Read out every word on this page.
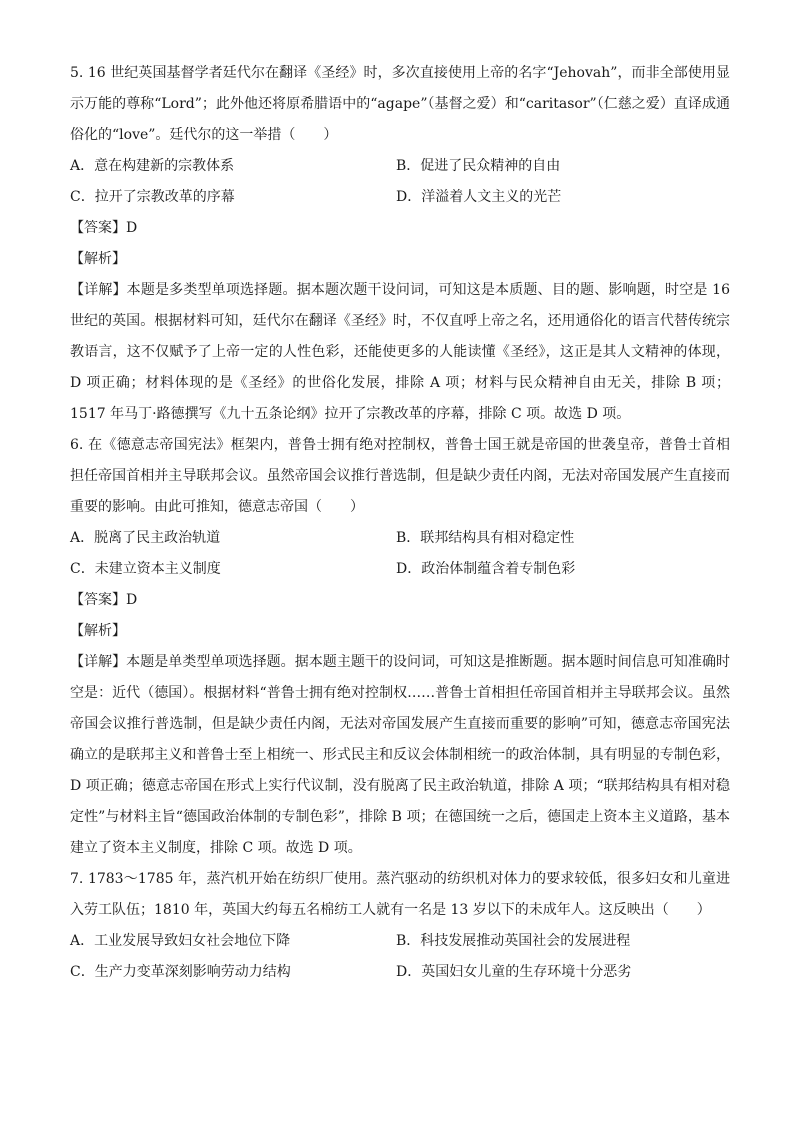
5. 16 世纪英国基督学者廷代尔在翻译《圣经》时，多次直接使用上帝的名字“Jehovah”，而非全部使用显示万能的尊称“Lord”；此外他还将原希腊语中的“agape”（基督之爱）和“caritasor”（仁慈之爱）直译成通俗化的“love”。廷代尔的这一举措（　　）

A．意在构建新的宗教体系	B．促进了民众精神的自由
C．拉开了宗教改革的序幕	D．洋溢着人文主义的光芒

【答案】D

【解析】

【详解】本题是多类型单项选择题。据本题次题干设问词，可知这是本质题、目的题、影响题，时空是 16 世纪的英国。根据材料可知，廷代尔在翻译《圣经》时，不仅直呼上帝之名，还用通俗化的语言代替传统宗教语言，这不仅赋予了上帝一定的人性色彩，还能使更多的人能读懂《圣经》，这正是其人文精神的体现，D 项正确；材料体现的是《圣经》的世俗化发展，排除 A 项；材料与民众精神自由无关，排除 B 项；1517 年马丁·路德撰写《九十五条论纲》拉开了宗教改革的序幕，排除 C 项。故选 D 项。

6. 在《德意志帝国宪法》框架内，普鲁士拥有绝对控制权，普鲁士国王就是帝国的世袭皇帝，普鲁士首相担任帝国首相并主导联邦会议。虽然帝国会议推行普选制，但是缺少责任内阁，无法对帝国发展产生直接而重要的影响。由此可推知，德意志帝国（　　）

A．脱离了民主政治轨道	B．联邦结构具有相对稳定性
C．未建立资本主义制度	D．政治体制蕴含着专制色彩

【答案】D

【解析】

【详解】本题是单类型单项选择题。据本题主题干的设问词，可知这是推断题。据本题时间信息可知准确时空是：近代（德国）。根据材料“普鲁士拥有绝对控制权……普鲁士首相担任帝国首相并主导联邦会议。虽然帝国会议推行普选制，但是缺少责任内阁，无法对帝国发展产生直接而重要的影响”可知，德意志帝国宪法确立的是联邦主义和普鲁士至上相统一、形式民主和反议会体制相统一的政治体制，具有明显的专制色彩，D 项正确；德意志帝国在形式上实行代议制，没有脱离了民主政治轨道，排除 A 项；“联邦结构具有相对稳定性”与材料主旨“德国政治体制的专制色彩”，排除 B 项；在德国统一之后，德国走上资本主义道路，基本建立了资本主义制度，排除 C 项。故选 D 项。

7. 1783～1785 年，蒸汽机开始在纺织厂使用。蒸汽驱动的纺织机对体力的要求较低，很多妇女和儿童进入劳工队伍；1810 年，英国大约每五名棉纺工人就有一名是 13 岁以下的未成年人。这反映出（　　）

A．工业发展导致妇女社会地位下降	B．科技发展推动英国社会的发展进程
C．生产力变革深刻影响劳动力结构	D．英国妇女儿童的生存环境十分恶劣
